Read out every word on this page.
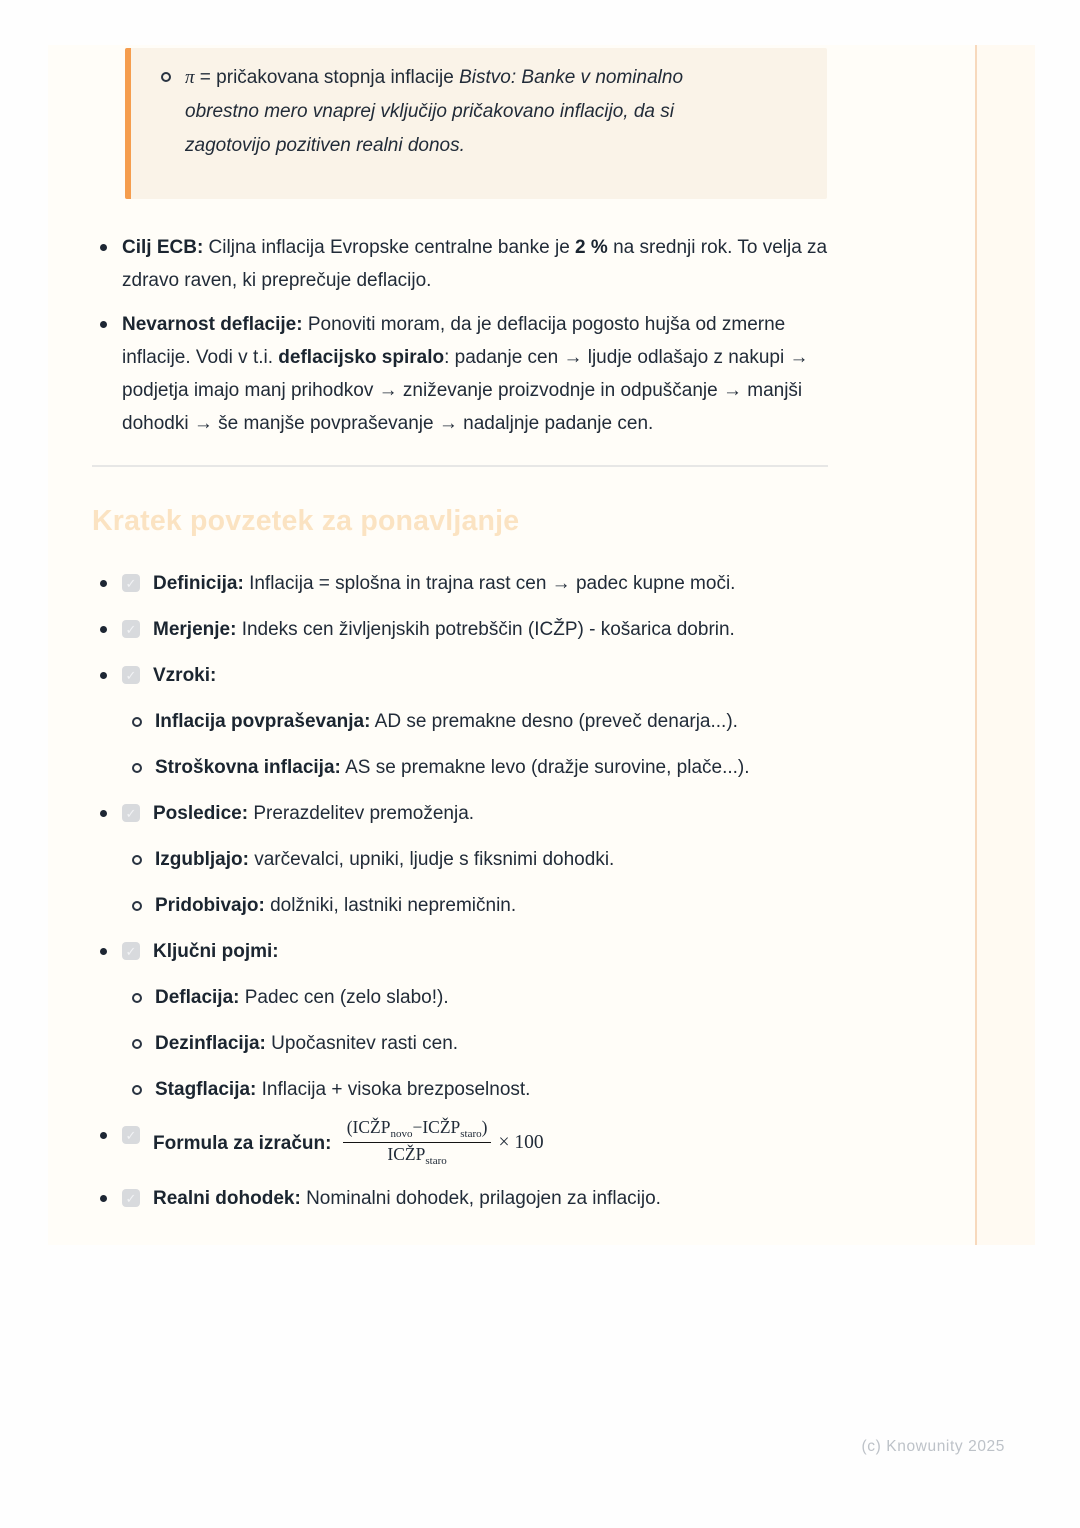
π = pričakovana stopnja inflacije Bistvo: Banke v nominalno obrestno mero vnaprej vključijo pričakovano inflacijo, da si zagotovijo pozitiven realni donos.
Cilj ECB: Ciljna inflacija Evropske centralne banke je 2 % na srednji rok. To velja za zdravo raven, ki preprečuje deflacijo.
Nevarnost deflacije: Ponoviti moram, da je deflacija pogosto hujša od zmerne inflacije. Vodi v t.i. deflacijsko spiralo: padanje cen → ljudje odlašajo z nakupi → podjetja imajo manj prihodkov → zniževanje proizvodnje in odpuščanje → manjši dohodki → še manjše povpraševanje → nadaljnje padanje cen.
Kratek povzetek za ponavljanje
✓ Definicija: Inflacija = splošna in trajna rast cen → padec kupne moči.
✓ Merjenje: Indeks cen življenjskih potrebščin (ICŽP) - košarica dobrin.
✓ Vzroki:
Inflacija povpraševanja: AD se premakne desno (preveč denarja...).
Stroškovna inflacija: AS se premakne levo (dražje surovine, plače...).
✓ Posledice: Prerazdelitev premoženja.
Izgubljajo: varčevalci, upniki, ljudje s fiksnimi dohodki.
Pridobivajo: dolžniki, lastniki nepremičnin.
✓ Ključni pojmi:
Deflacija: Padec cen (zelo slabo!).
Dezinflacija: Upočasnitev rasti cen.
Stagflacija: Inflacija + visoka brezposelnost.
✓ Formula za izračun: $\frac{(ICŽP_{novo}-ICŽP_{staro})}{ICŽP_{staro}} \times 100$
✓ Realni dohodek: Nominalni dohodek, prilagojen za inflacijo.
(c) Knowunity 2025
